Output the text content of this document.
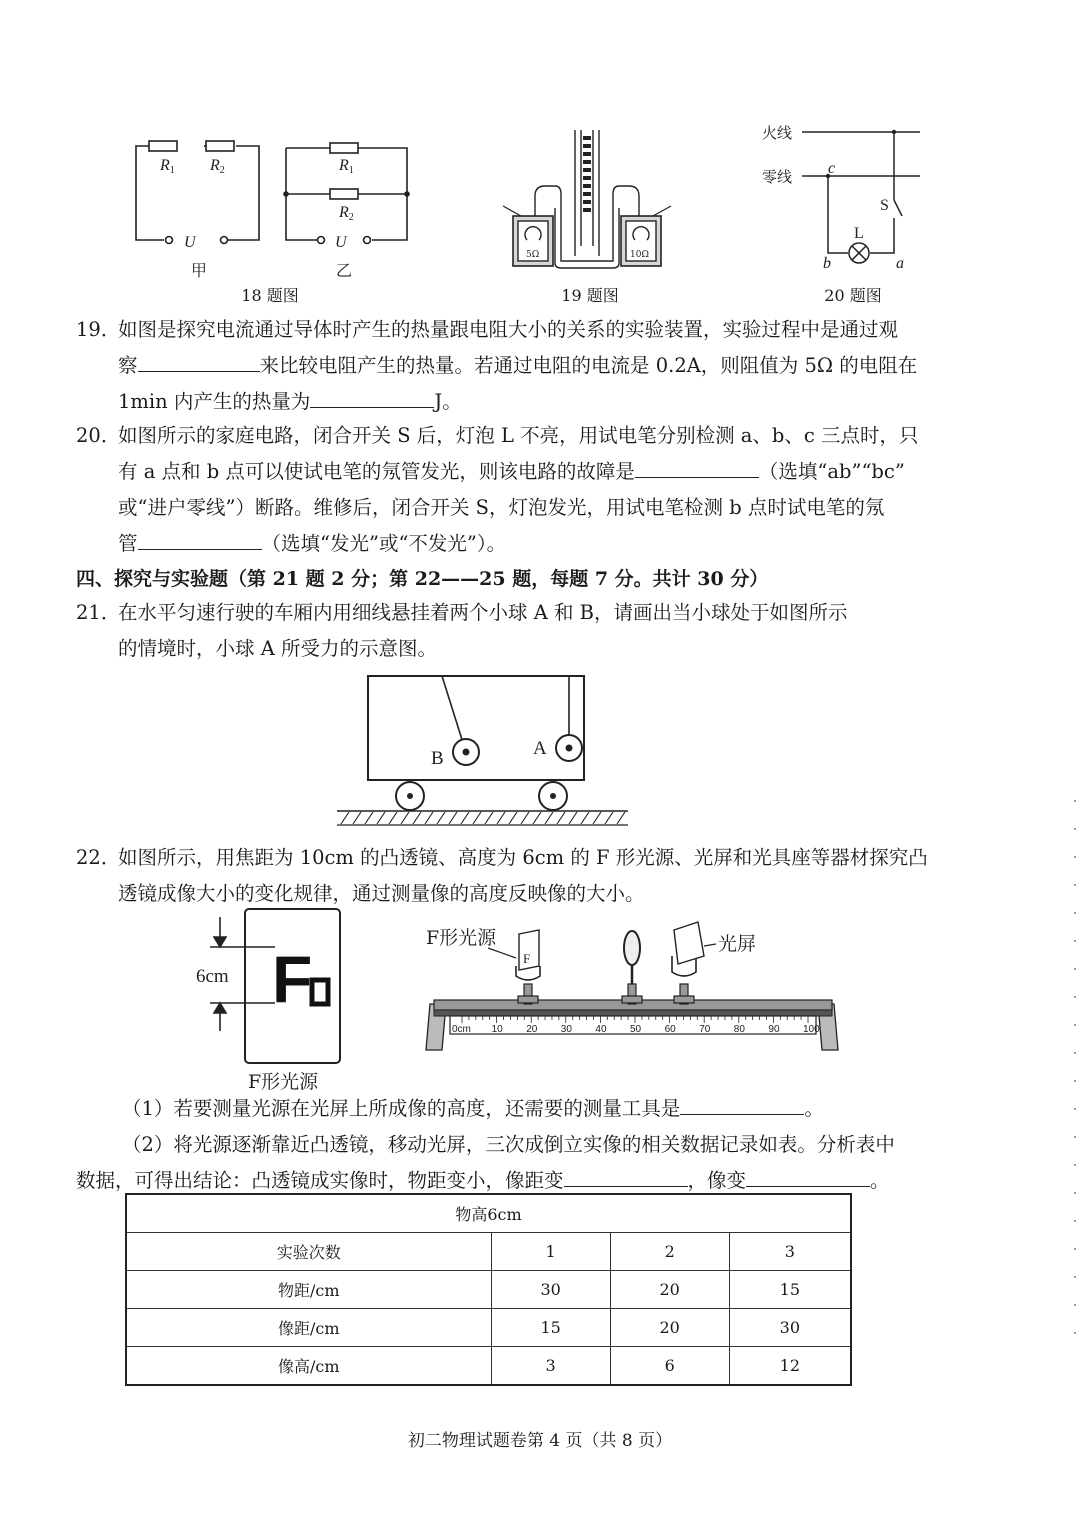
R1 R2
U
R1
R2
U
甲	乙
18 题图
5Ω	10Ω
19 题图
火线
零线 c
S
L
b	a
20 题图
19．
如图是探究电流通过导体时产生的热量跟电阻大小的关系的实验装置，实验过程中是通过观
察	来比较电阻产生的热量。若通过电阻的电流是 0.2A，则阻值为 5Ω 的电阻在
1min 内产生的热量为	J。
20．
如图所示的家庭电路，闭合开关 S 后，灯泡 L 不亮，用试电笔分别检测 a、b、c 三点时，只
有 a 点和 b 点可以使试电笔的氖管发光，则该电路的故障是	（选填“ab”“bc”
或“进户零线”）断路。维修后，闭合开关 S，灯泡发光，用试电笔检测 b 点时试电笔的氖
管	（选填“发光”或“不发光”）。
四、探究与实验题（第 21 题 2 分；第 22——25 题，每题 7 分。共计 30 分）
21．
在水平匀速行驶的车厢内用细线悬挂着两个小球 A 和 B，请画出当小球处于如图所示
的情境时，小球 A 所受力的示意图。
B	A
22．
如图所示，用焦距为 10cm 的凸透镜、高度为 6cm 的 F 形光源、光屏和光具座等器材探究凸
透镜成像大小的变化规律，通过测量像的高度反映像的大小。
6cm F
F形光源
0cm 10 20 30 40 50 60 70 80 90 100
F
F形光源	光屏
（1）若要测量光源在光屏上所成像的高度，还需要的测量工具是	。
（2）将光源逐渐靠近凸透镜，移动光屏，三次成倒立实像的相关数据记录如表。分析表中
数据，可得出结论：凸透镜成实像时，物距变小，像距变	，像变	。
物高6cm			
实验次数	1	2	3
物距/cm	30	20	15
像距/cm	15	20	30
像高/cm	3	6	12
初二物理试题卷第 4 页（共 8 页）
